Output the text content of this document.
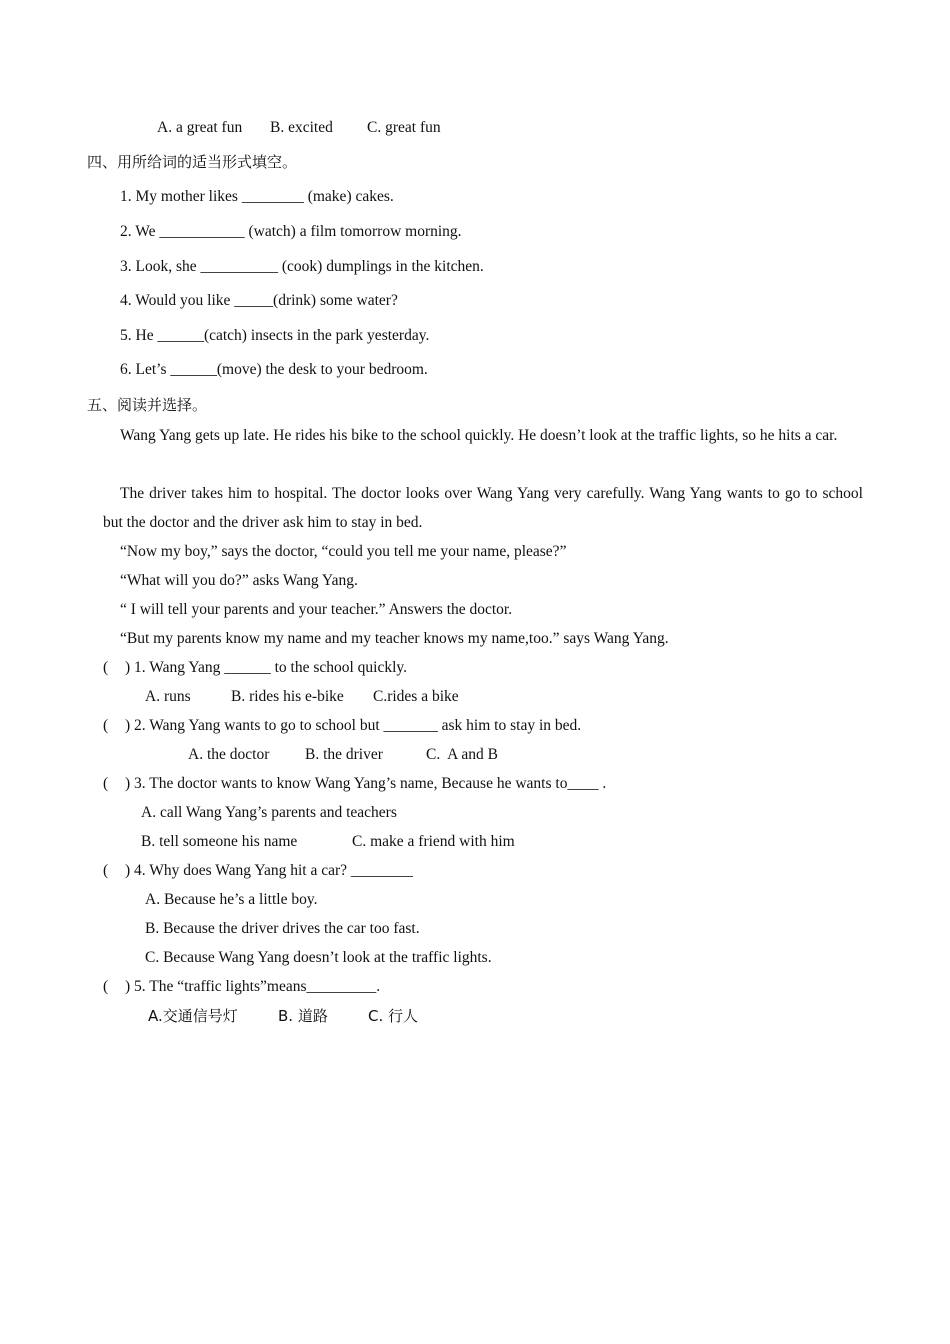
A. a great fun B. excited C. great fun
四、用所给词的适当形式填空。
1. My mother likes ________ (make) cakes.
2. We ___________ (watch) a film tomorrow morning.
3. Look, she __________ (cook) dumplings in the kitchen.
4. Would you like _____(drink) some water?
5. He ______(catch) insects in the park yesterday.
6. Let’s ______(move) the desk to your bedroom.
五、阅读并选择。
Wang Yang gets up late. He rides his bike to the school quickly. He doesn’t look at the traffic lights, so he hits a car.
The driver takes him to hospital. The doctor looks over Wang Yang very carefully. Wang Yang wants to go to school but the doctor and the driver ask him to stay in bed.
“Now my boy,” says the doctor, “could you tell me your name, please?”
“What will you do?” asks Wang Yang.
“ I will tell your parents and your teacher.” Answers the doctor.
“But my parents know my name and my teacher knows my name,too.” says Wang Yang.
( ) 1. Wang Yang ______ to the school quickly.
A. runs	B. rides his e-bike C.rides a bike
( ) 2. Wang Yang wants to go to school but _______ ask him to stay in bed.
A. the doctor B. the driver	C.  A and B
( ) 3. The doctor wants to know Wang Yang’s name, Because he wants to____ .
A. call Wang Yang’s parents and teachers
B. tell someone his name	C. make a friend with him
( ) 4. Why does Wang Yang hit a car? ________
A. Because he’s a little boy.
B. Because the driver drives the car too fast.
C. Because Wang Yang doesn’t look at the traffic lights.
( ) 5. The “traffic lights”means_________.
A.交通信号灯	B. 道路	C. 行人
